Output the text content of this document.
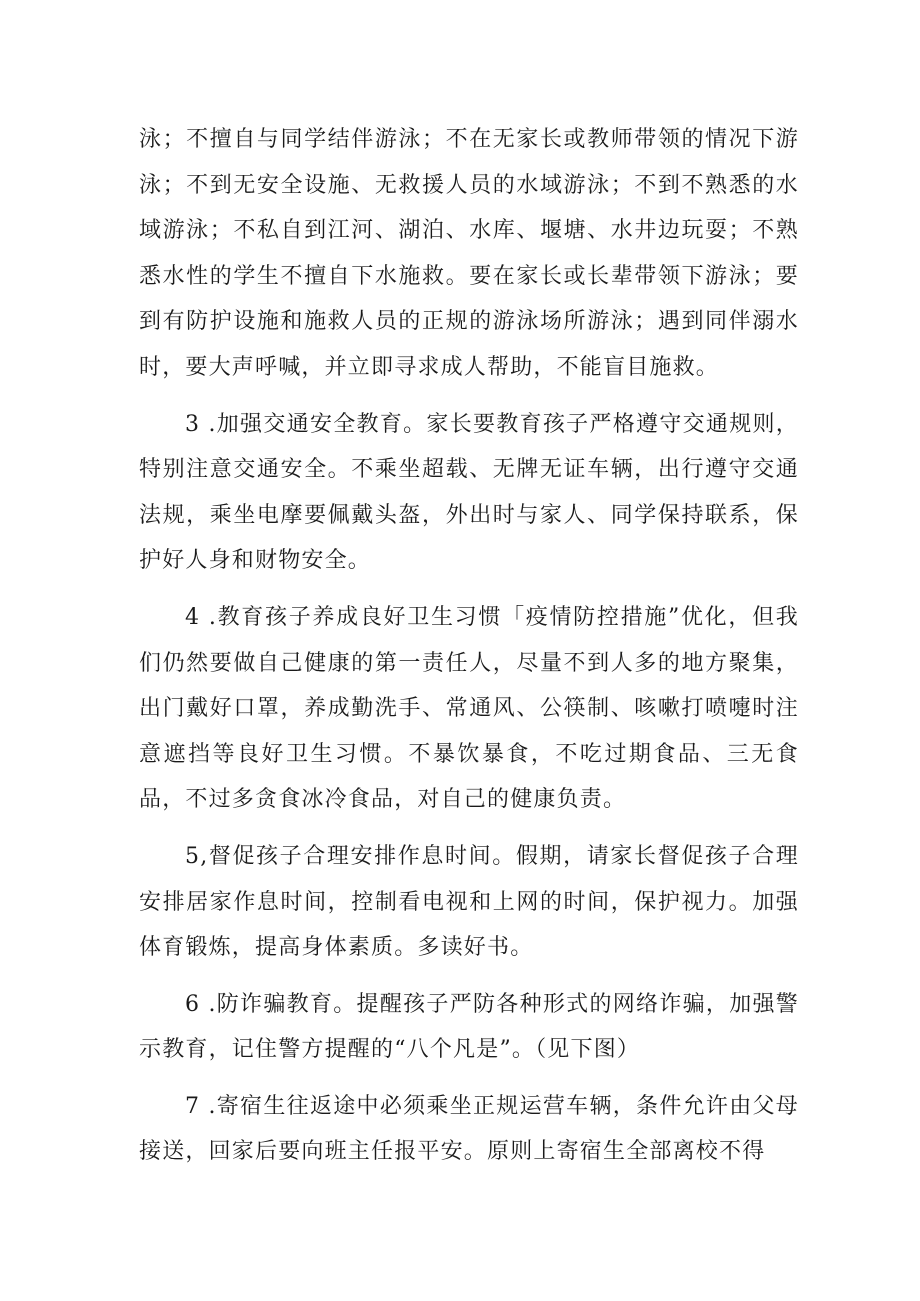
泳；不擅自与同学结伴游泳；不在无家长或教师带领的情况下游泳；不到无安全设施、无救援人员的水域游泳；不到不熟悉的水域游泳；不私自到江河、湖泊、水库、堰塘、水井边玩耍；不熟悉水性的学生不擅自下水施救。要在家长或长辈带领下游泳；要到有防护设施和施救人员的正规的游泳场所游泳；遇到同伴溺水时，要大声呼喊，并立即寻求成人帮助，不能盲目施救。

3 .加强交通安全教育。家长要教育孩子严格遵守交通规则，特别注意交通安全。不乘坐超载、无牌无证车辆，出行遵守交通法规，乘坐电摩要佩戴头盔，外出时与家人、同学保持联系，保护好人身和财物安全。

4 .教育孩子养成良好卫生习惯「疫情防控措施”优化，但我们仍然要做自己健康的第一责任人，尽量不到人多的地方聚集，出门戴好口罩，养成勤洗手、常通风、公筷制、咳嗽打喷嚏时注意遮挡等良好卫生习惯。不暴饮暴食，不吃过期食品、三无食品，不过多贪食冰冷食品，对自己的健康负责。

5,督促孩子合理安排作息时间。假期，请家长督促孩子合理安排居家作息时间，控制看电视和上网的时间，保护视力。加强体育锻炼，提高身体素质。多读好书。

6 .防诈骗教育。提醒孩子严防各种形式的网络诈骗，加强警示教育，记住警方提醒的“八个凡是”。（见下图）

7 .寄宿生往返途中必须乘坐正规运营车辆，条件允许由父母接送，回家后要向班主任报平安。原则上寄宿生全部离校不得
